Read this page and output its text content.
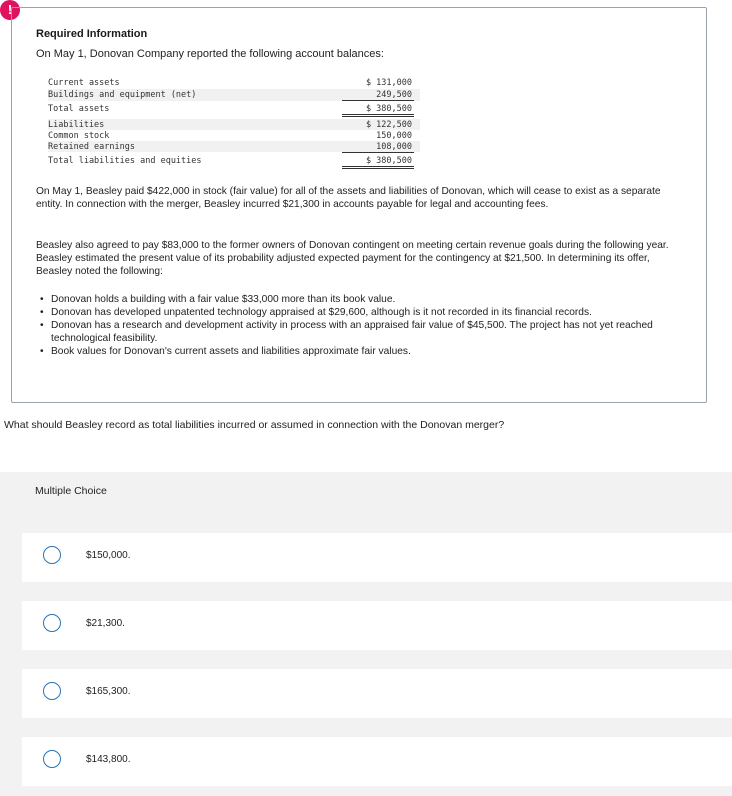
!
Required Information
On May 1, Donovan Company reported the following account balances:
Current assets	$ 131,000
Buildings and equipment (net)	249,500
Total assets	$ 380,500
Liabilities	$ 122,500
Common stock	150,000
Retained earnings	108,000
Total liabilities and equities	$ 380,500
On May 1, Beasley paid $422,000 in stock (fair value) for all of the assets and liabilities of Donovan, which will cease to exist as a separate entity. In connection with the merger, Beasley incurred $21,300 in accounts payable for legal and accounting fees.
Beasley also agreed to pay $83,000 to the former owners of Donovan contingent on meeting certain revenue goals during the following year. Beasley estimated the present value of its probability adjusted expected payment for the contingency at $21,500. In determining its offer, Beasley noted the following:
• Donovan holds a building with a fair value $33,000 more than its book value.
• Donovan has developed unpatented technology appraised at $29,600, although is it not recorded in its financial records.
• Donovan has a research and development activity in process with an appraised fair value of $45,500. The project has not yet reached technological feasibility.
• Book values for Donovan's current assets and liabilities approximate fair values.
What should Beasley record as total liabilities incurred or assumed in connection with the Donovan merger?
Multiple Choice
$150,000.
$21,300.
$165,300.
$143,800.
